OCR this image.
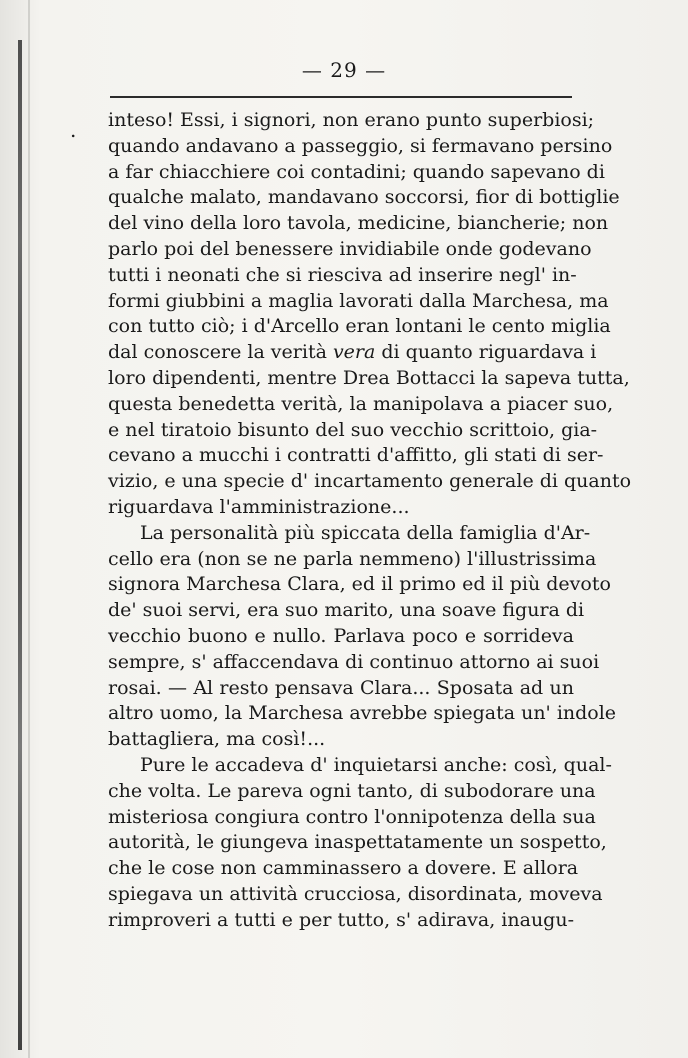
— 29 —
. inteso! Essi, i signori, non erano punto superbiosi;
quando andavano a passeggio, si fermavano persino
a far chiacchiere coi contadini; quando sapevano di
qualche malato, mandavano soccorsi, fior di bottiglie
del vino della loro tavola, medicine, biancherie; non
parlo poi del benessere invidiabile onde godevano
tutti i neonati che si riesciva ad inserire negl' in-
formi giubbini a maglia lavorati dalla Marchesa, ma
con tutto ciò; i d'Arcello eran lontani le cento miglia
dal conoscere la verità vera di quanto riguardava i
loro dipendenti, mentre Drea Bottacci la sapeva tutta,
questa benedetta verità, la manipolava a piacer suo,
e nel tiratoio bisunto del suo vecchio scrittoio, gia-
cevano a mucchi i contratti d'affitto, gli stati di ser-
vizio, e una specie d' incartamento generale di quanto
riguardava l'amministrazione...
La personalità più spiccata della famiglia d'Ar-
cello era (non se ne parla nemmeno) l'illustrissima
signora Marchesa Clara, ed il primo ed il più devoto
de' suoi servi, era suo marito, una soave figura di
vecchio buono e nullo. Parlava poco e sorrideva
sempre, s' affaccendava di continuo attorno ai suoi
rosai. — Al resto pensava Clara... Sposata ad un
altro uomo, la Marchesa avrebbe spiegata un' indole
battagliera, ma così!...
Pure le accadeva d' inquietarsi anche: così, qual-
che volta. Le pareva ogni tanto, di subodorare una
misteriosa congiura contro l'onnipotenza della sua
autorità, le giungeva inaspettatamente un sospetto,
che le cose non camminassero a dovere. E allora
spiegava un attività crucciosa, disordinata, moveva
rimproveri a tutti e per tutto, s' adirava, inaugu-
